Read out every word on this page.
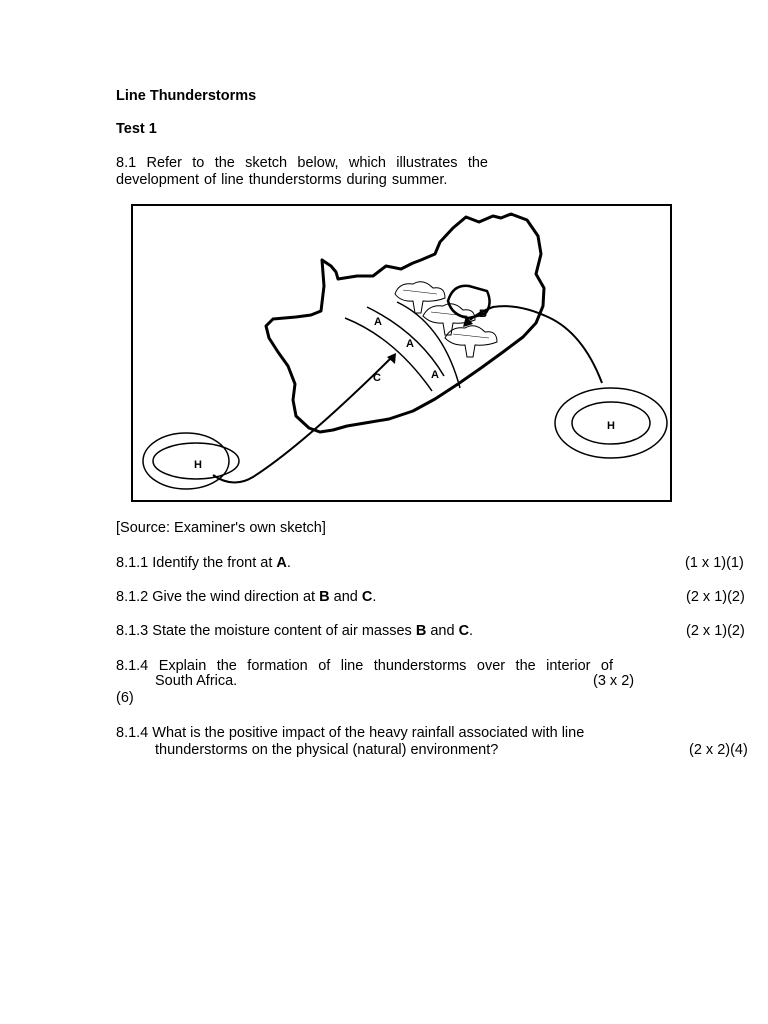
Line Thunderstorms
Test 1
8.1 Refer to the sketch below, which illustrates the
development of line thunderstorms during summer.
A
A
A
B
C
H
H
[Source: Examiner's own sketch]
8.1.1 Identify the front at A.	(1 x 1)(1)
8.1.2 Give the wind direction at B and C.	(2 x 1)(2)
8.1.3 State the moisture content of air masses B and C.	(2 x 1)(2)
8.1.4 Explain the formation of line thunderstorms over the interior of
South Africa.	(3 x 2)
(6)
8.1.4 What is the positive impact of the heavy rainfall associated with line
thunderstorms on the physical (natural) environment?	(2 x 2)(4)
